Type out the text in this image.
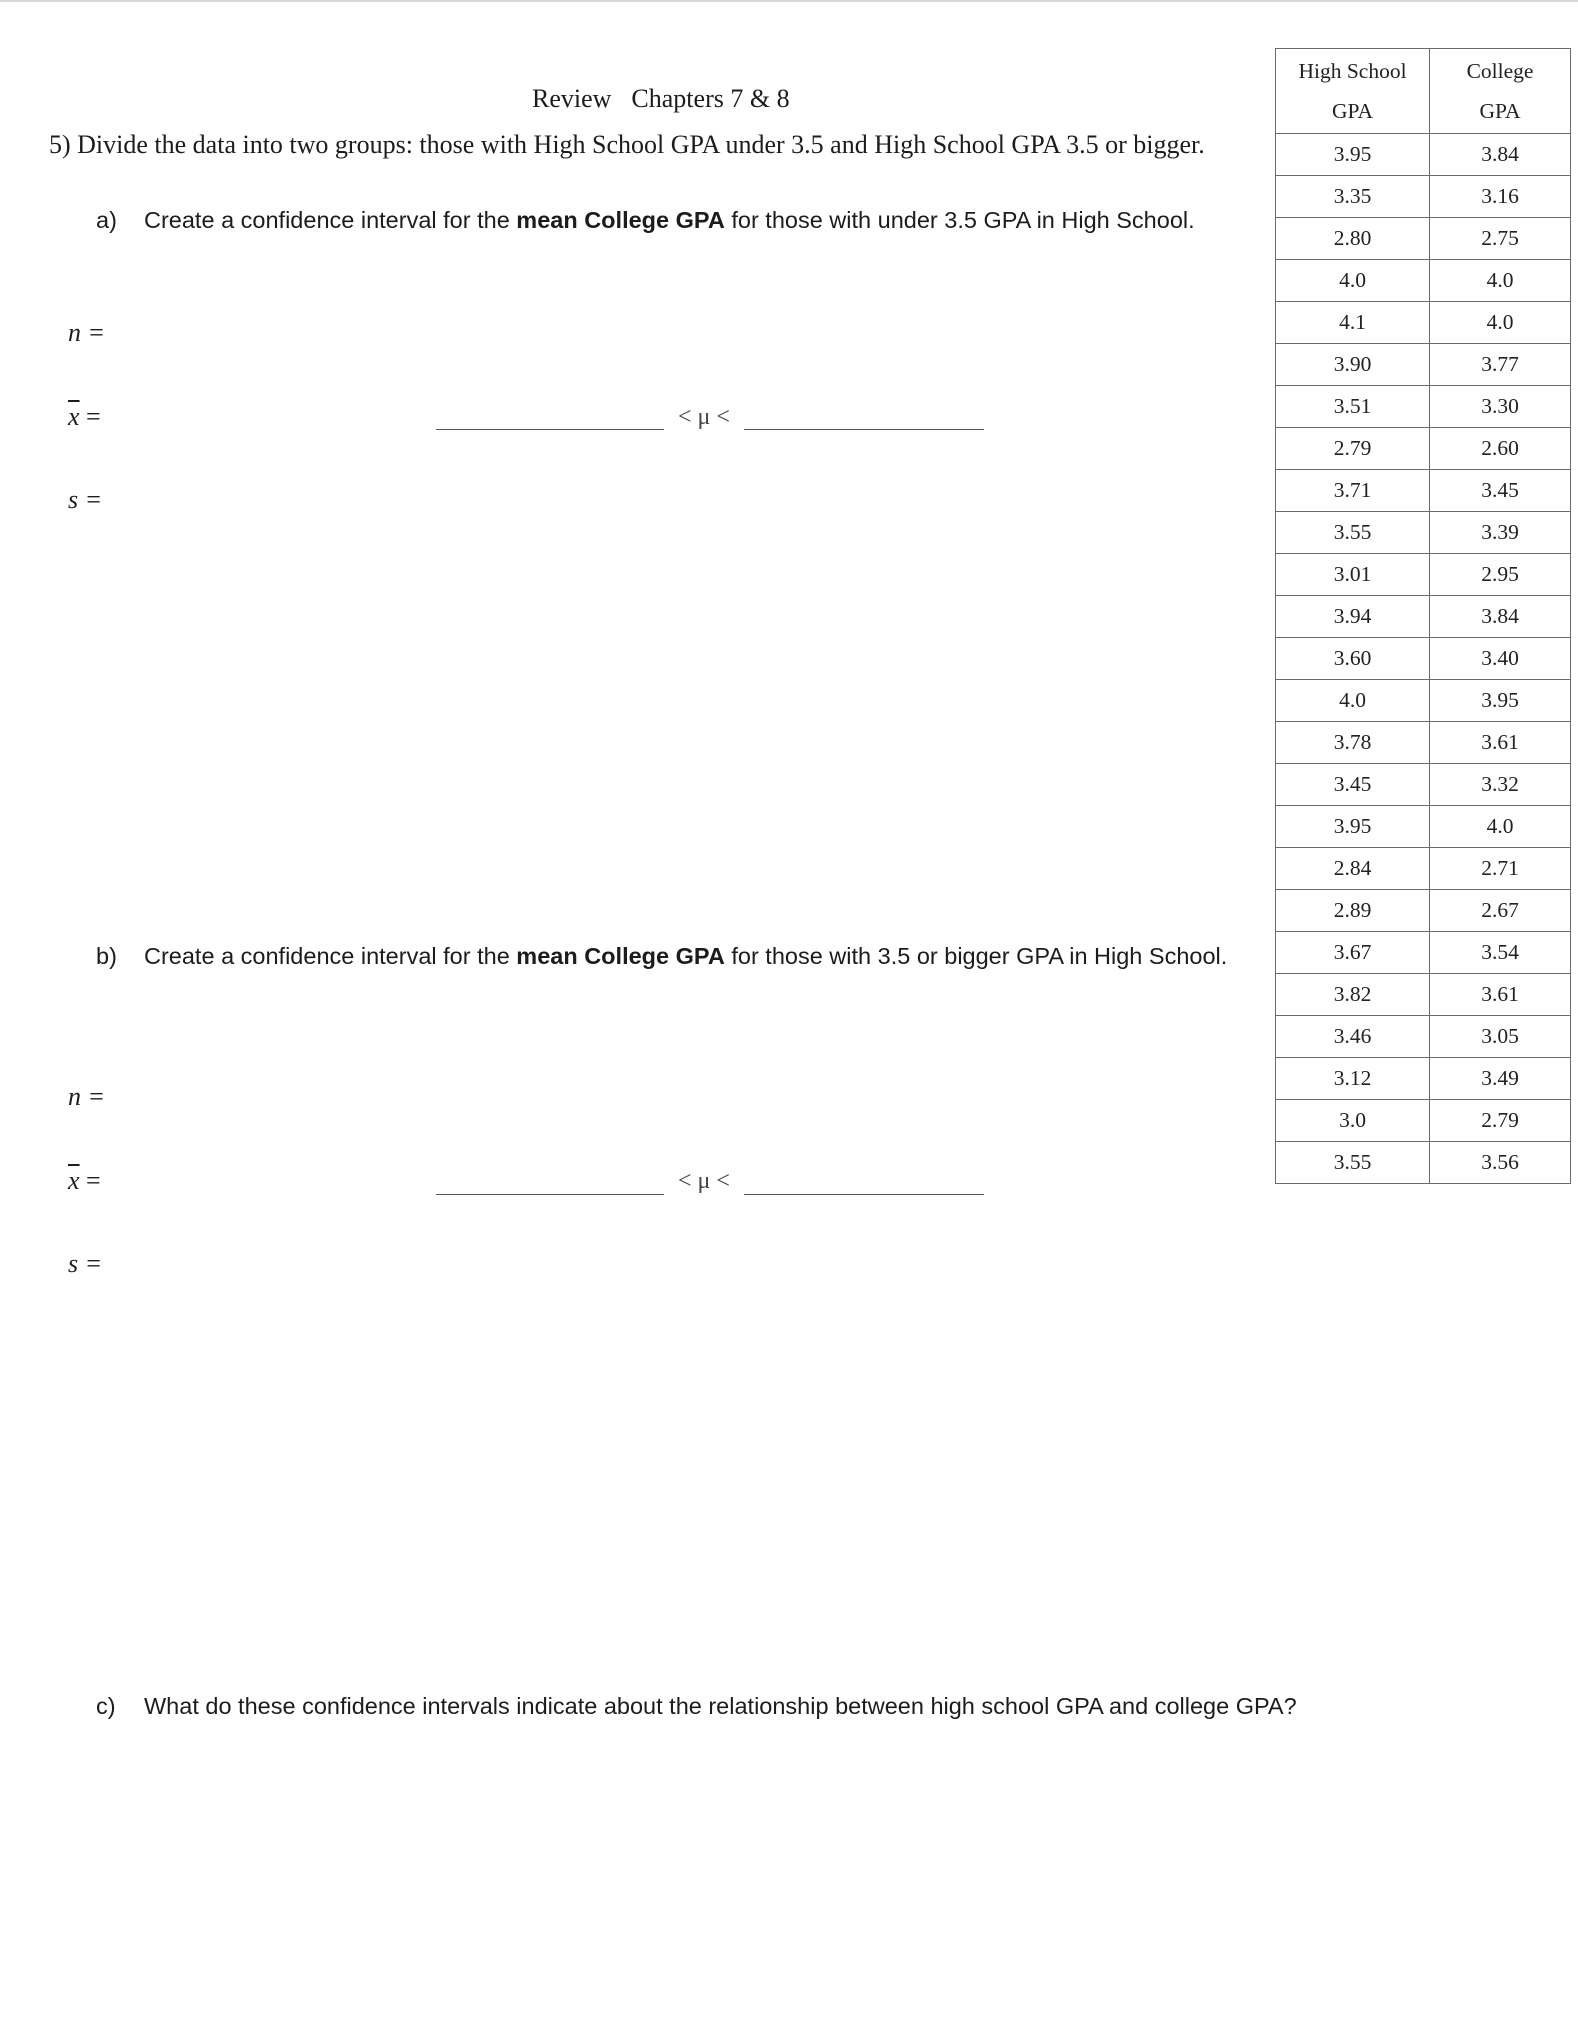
Review Chapters 7 & 8
5) Divide the data into two groups: those with High School GPA under 3.5 and High School GPA 3.5 or bigger.
a) Create a confidence interval for the mean College GPA for those with under 3.5 GPA in High School.
n =
$\overline{x}$ =
s =
< μ <
b) Create a confidence interval for the mean College GPA for those with 3.5 or bigger GPA in High School.
n =
$\overline{x}$ =
s =
< μ <
c) What do these confidence intervals indicate about the relationship between high school GPA and college GPA?
High School
GPA	College
GPA
3.95	3.84
3.35	3.16
2.80	2.75
4.0	4.0
4.1	4.0
3.90	3.77
3.51	3.30
2.79	2.60
3.71	3.45
3.55	3.39
3.01	2.95
3.94	3.84
3.60	3.40
4.0	3.95
3.78	3.61
3.45	3.32
3.95	4.0
2.84	2.71
2.89	2.67
3.67	3.54
3.82	3.61
3.46	3.05
3.12	3.49
3.0	2.79
3.55	3.56
